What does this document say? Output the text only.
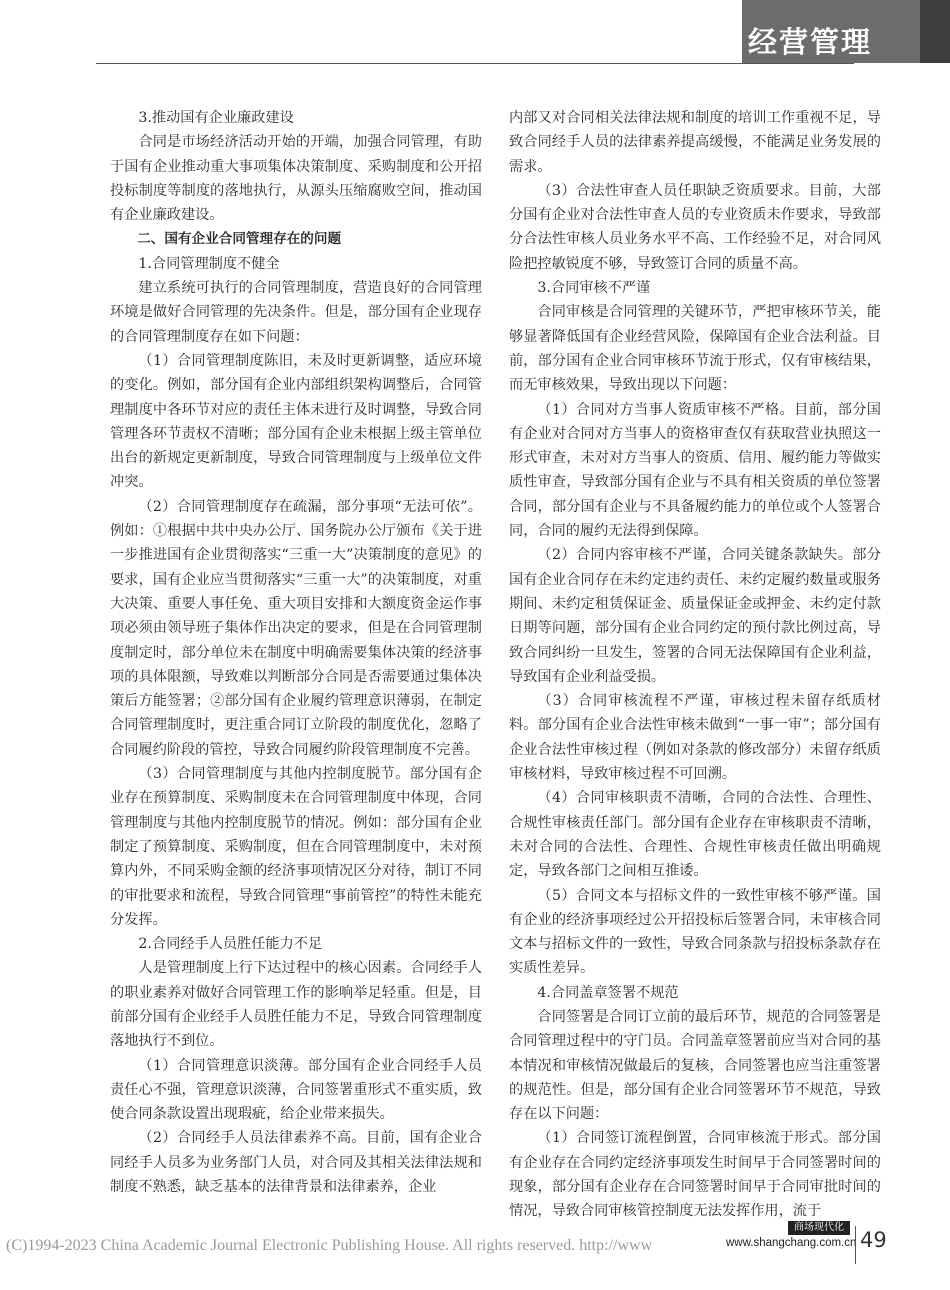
经营管理

3.推动国有企业廉政建设

合同是市场经济活动开始的开端，加强合同管理，有助于国有企业推动重大事项集体决策制度、采购制度和公开招投标制度等制度的落地执行，从源头压缩腐败空间，推动国有企业廉政建设。

二、国有企业合同管理存在的问题

1.合同管理制度不健全

建立系统可执行的合同管理制度，营造良好的合同管理环境是做好合同管理的先决条件。但是，部分国有企业现存的合同管理制度存在如下问题：

（1）合同管理制度陈旧，未及时更新调整，适应环境的变化。例如，部分国有企业内部组织架构调整后，合同管理制度中各环节对应的责任主体未进行及时调整，导致合同管理各环节责权不清晰；部分国有企业未根据上级主管单位出台的新规定更新制度，导致合同管理制度与上级单位文件冲突。

（2）合同管理制度存在疏漏，部分事项“无法可依”。例如：①根据中共中央办公厅、国务院办公厅颁布《关于进一步推进国有企业贯彻落实“三重一大”决策制度的意见》的要求，国有企业应当贯彻落实“三重一大”的决策制度，对重大决策、重要人事任免、重大项目安排和大额度资金运作事项必须由领导班子集体作出决定的要求，但是在合同管理制度制定时，部分单位未在制度中明确需要集体决策的经济事项的具体限额，导致难以判断部分合同是否需要通过集体决策后方能签署；②部分国有企业履约管理意识薄弱，在制定合同管理制度时，更注重合同订立阶段的制度优化，忽略了合同履约阶段的管控，导致合同履约阶段管理制度不完善。

（3）合同管理制度与其他内控制度脱节。部分国有企业存在预算制度、采购制度未在合同管理制度中体现，合同管理制度与其他内控制度脱节的情况。例如：部分国有企业制定了预算制度、采购制度，但在合同管理制度中，未对预算内外，不同采购金额的经济事项情况区分对待，制订不同的审批要求和流程，导致合同管理“事前管控”的特性未能充分发挥。

2.合同经手人员胜任能力不足

人是管理制度上行下达过程中的核心因素。合同经手人的职业素养对做好合同管理工作的影响举足轻重。但是，目前部分国有企业经手人员胜任能力不足，导致合同管理制度落地执行不到位。

（1）合同管理意识淡薄。部分国有企业合同经手人员责任心不强，管理意识淡薄，合同签署重形式不重实质，致使合同条款设置出现瑕疵，给企业带来损失。

（2）合同经手人员法律素养不高。目前，国有企业合同经手人员多为业务部门人员，对合同及其相关法律法规和制度不熟悉，缺乏基本的法律背景和法律素养，企业

内部又对合同相关法律法规和制度的培训工作重视不足，导致合同经手人员的法律素养提高缓慢，不能满足业务发展的需求。

（3）合法性审查人员任职缺乏资质要求。目前，大部分国有企业对合法性审查人员的专业资质未作要求，导致部分合法性审核人员业务水平不高、工作经验不足，对合同风险把控敏锐度不够，导致签订合同的质量不高。

3.合同审核不严谨

合同审核是合同管理的关键环节，严把审核环节关，能够显著降低国有企业经营风险，保障国有企业合法利益。目前，部分国有企业合同审核环节流于形式，仅有审核结果，而无审核效果，导致出现以下问题：

（1）合同对方当事人资质审核不严格。目前，部分国有企业对合同对方当事人的资格审查仅有获取营业执照这一形式审查，未对对方当事人的资质、信用、履约能力等做实质性审查，导致部分国有企业与不具有相关资质的单位签署合同，部分国有企业与不具备履约能力的单位或个人签署合同，合同的履约无法得到保障。

（2）合同内容审核不严谨，合同关键条款缺失。部分国有企业合同存在未约定违约责任、未约定履约数量或服务期间、未约定租赁保证金、质量保证金或押金、未约定付款日期等问题，部分国有企业合同约定的预付款比例过高，导致合同纠纷一旦发生，签署的合同无法保障国有企业利益，导致国有企业利益受损。

（3）合同审核流程不严谨，审核过程未留存纸质材料。部分国有企业合法性审核未做到“一事一审”；部分国有企业合法性审核过程（例如对条款的修改部分）未留存纸质审核材料，导致审核过程不可回溯。

（4）合同审核职责不清晰，合同的合法性、合理性、合规性审核责任部门。部分国有企业存在审核职责不清晰，未对合同的合法性、合理性、合规性审核责任做出明确规定，导致各部门之间相互推诿。

（5）合同文本与招标文件的一致性审核不够严谨。国有企业的经济事项经过公开招投标后签署合同，未审核合同文本与招标文件的一致性，导致合同条款与招投标条款存在实质性差异。

4.合同盖章签署不规范

合同签署是合同订立前的最后环节，规范的合同签署是合同管理过程中的守门员。合同盖章签署前应当对合同的基本情况和审核情况做最后的复核，合同签署也应当注重签署的规范性。但是，部分国有企业合同签署环节不规范，导致存在以下问题：

（1）合同签订流程倒置，合同审核流于形式。部分国有企业存在合同约定经济事项发生时间早于合同签署时间的现象，部分国有企业存在合同签署时间早于合同审批时间的情况，导致合同审核管控制度无法发挥作用，流于

(C)1994-2023 China Academic Journal Electronic Publishing House. All rights reserved. http://www
商场现代化
www.shangchang.com.cn 49
